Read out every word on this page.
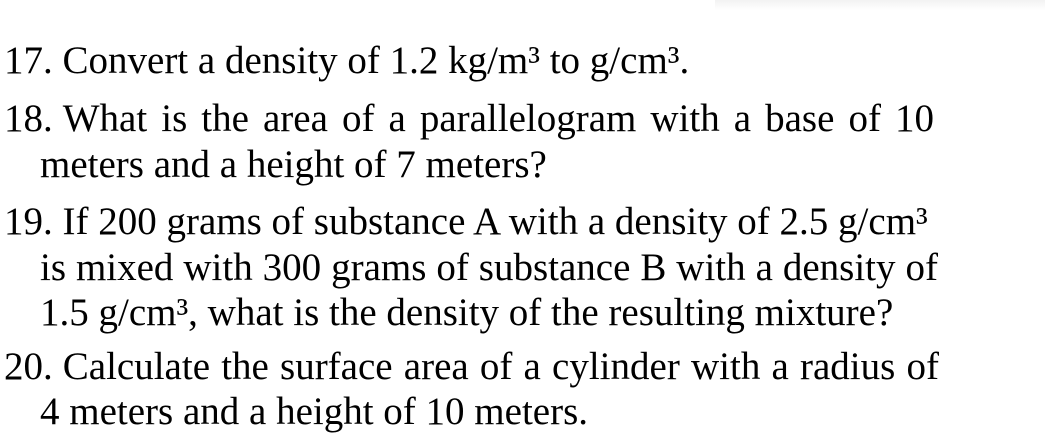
17. Convert a density of 1.2 kg/m³ to g/cm³.
18. What is the area of a parallelogram with a base of 10
meters and a height of 7 meters?
19. If 200 grams of substance A with a density of 2.5 g/cm³
is mixed with 300 grams of substance B with a density of
1.5 g/cm³, what is the density of the resulting mixture?
20. Calculate the surface area of a cylinder with a radius of
4 meters and a height of 10 meters.
